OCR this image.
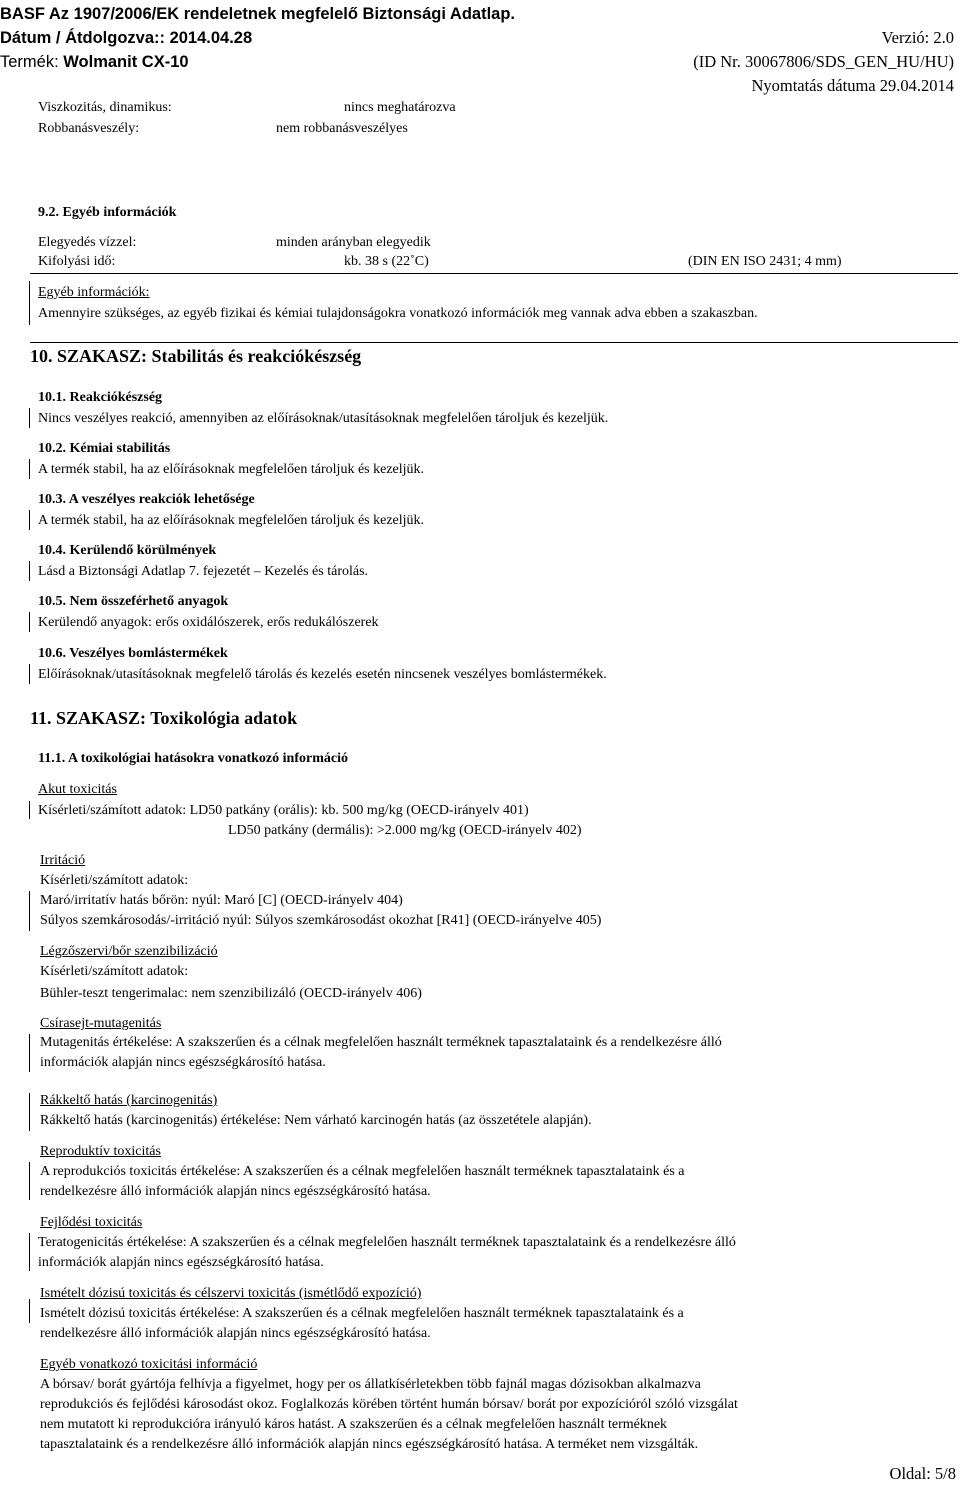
BASF Az 1907/2006/EK rendeletnek megfelelő Biztonsági Adatlap.
Dátum / Átdolgozva:: 2014.04.28	Verzió: 2.0
Termék: Wolmanit CX-10	(ID Nr. 30067806/SDS_GEN_HU/HU)
Nyomtatás dátuma 29.04.2014
Viszkozitás, dinamikus:	nincs meghatározva
Robbanásveszély:	nem robbanásveszélyes
9.2. Egyéb információk
Elegyedés vízzel:	minden arányban elegyedik
Kifolyási idő:	kb. 38 s (22˚C)	(DIN EN ISO 2431; 4 mm)
Egyéb információk:
Amennyire szükséges, az egyéb fizikai és kémiai tulajdonságokra vonatkozó információk meg vannak adva ebben a szakaszban.
10. SZAKASZ: Stabilitás és reakciókészség
10.1. Reakciókészség
Nincs veszélyes reakció, amennyiben az előírásoknak/utasításoknak megfelelően tároljuk és kezeljük.
10.2. Kémiai stabilitás
A termék stabil, ha az előírásoknak megfelelően tároljuk és kezeljük.
10.3. A veszélyes reakciók lehetősége
A termék stabil, ha az előírásoknak megfelelően tároljuk és kezeljük.
10.4. Kerülendő körülmények
Lásd a Biztonsági Adatlap 7. fejezetét – Kezelés és tárolás.
10.5. Nem összeférhető anyagok
Kerülendő anyagok: erős oxidálószerek, erős redukálószerek
10.6. Veszélyes bomlástermékek
Előírásoknak/utasításoknak megfelelő tárolás és kezelés esetén nincsenek veszélyes bomlástermékek.
11. SZAKASZ: Toxikológia adatok
11.1. A toxikológiai hatásokra vonatkozó információ
Akut toxicitás
Kísérleti/számított adatok: LD50 patkány (orális): kb. 500 mg/kg (OECD-irányelv 401)
LD50 patkány (dermális): >2.000 mg/kg (OECD-irányelv 402)
Irritáció
Kísérleti/számított adatok:
Maró/irritatív hatás bőrön: nyúl: Maró [C] (OECD-irányelv 404)
Súlyos szemkárosodás/-irritáció nyúl: Súlyos szemkárosodást okozhat [R41] (OECD-irányelve 405)
Légzőszervi/bőr szenzibilizáció
Kísérleti/számított adatok:
Bühler-teszt tengerimalac: nem szenzibilizáló (OECD-irányelv 406)
Csírasejt-mutagenitás
Mutagenitás értékelése: A szakszerűen és a célnak megfelelően használt terméknek tapasztalataink és a rendelkezésre álló
információk alapján nincs egészségkárosító hatása.
Rákkeltő hatás (karcinogenitás)
Rákkeltő hatás (karcinogenitás) értékelése: Nem várható karcinogén hatás (az összetétele alapján).
Reproduktív toxicitás
A reprodukciós toxicitás értékelése: A szakszerűen és a célnak megfelelően használt terméknek tapasztalataink és a
rendelkezésre álló információk alapján nincs egészségkárosító hatása.
Fejlődési toxicitás
Teratogenicitás értékelése: A szakszerűen és a célnak megfelelően használt terméknek tapasztalataink és a rendelkezésre álló
információk alapján nincs egészségkárosító hatása.
Ismételt dózisú toxicitás és célszervi toxicitás (ismétlődő expozíció)
Ismételt dózisú toxicitás értékelése: A szakszerűen és a célnak megfelelően használt terméknek tapasztalataink és a
rendelkezésre álló információk alapján nincs egészségkárosító hatása.
Egyéb vonatkozó toxicitási információ
A bórsav/ borát gyártója felhívja a figyelmet, hogy per os állatkísérletekben több fajnál magas dózisokban alkalmazva
reprodukciós és fejlődési károsodást okoz. Foglalkozás körében történt humán bórsav/ borát por expozícióról szóló vizsgálat
nem mutatott ki reprodukcióra irányuló káros hatást. A szakszerűen és a célnak megfelelően használt terméknek
tapasztalataink és a rendelkezésre álló információk alapján nincs egészségkárosító hatása. A terméket nem vizsgálták.
Oldal: 5/8
